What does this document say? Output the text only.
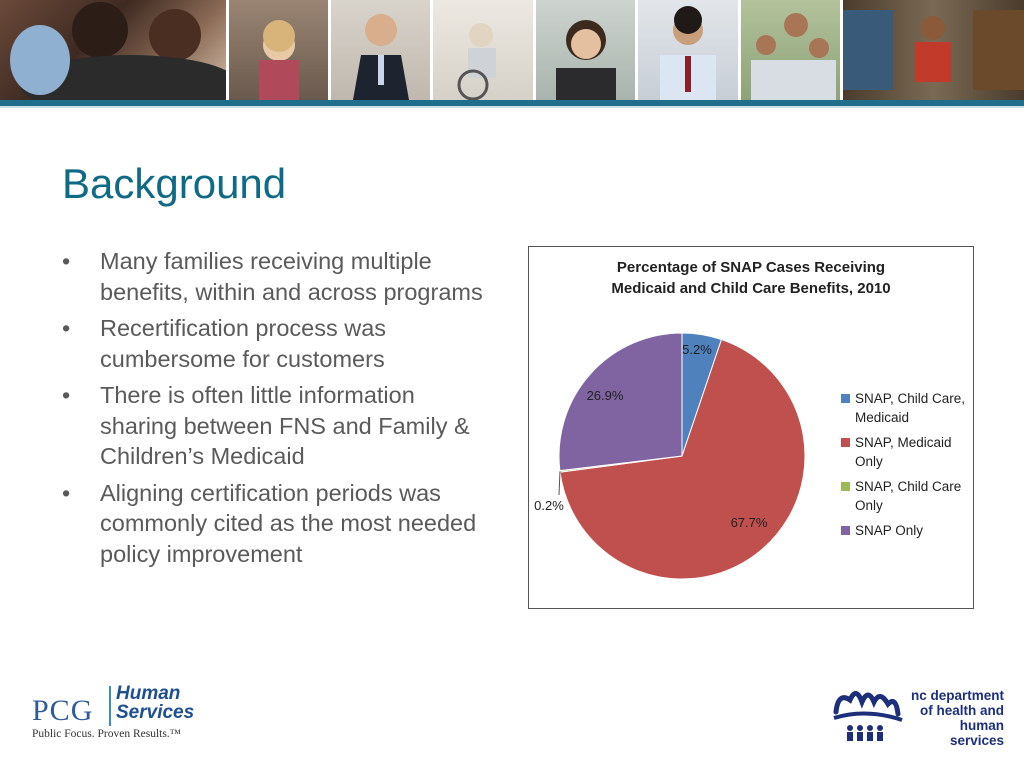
Background
• Many families receiving multiple benefits, within and across programs
• Recertification process was cumbersome for customers
• There is often little information sharing between FNS and Family & Children’s Medicaid
• Aligning certification periods was commonly cited as the most needed policy improvement
Percentage of SNAP Cases Receiving
Medicaid and Child Care Benefits, 2010
5.2%
67.7%
0.2%
26.9%	SNAP, Child Care,
Medicaid
SNAP, Medicaid
Only
SNAP, Child Care
Only
SNAP Only
PCG
Human
Services
Public Focus. Proven Results.™
nc department
of health and
human services
